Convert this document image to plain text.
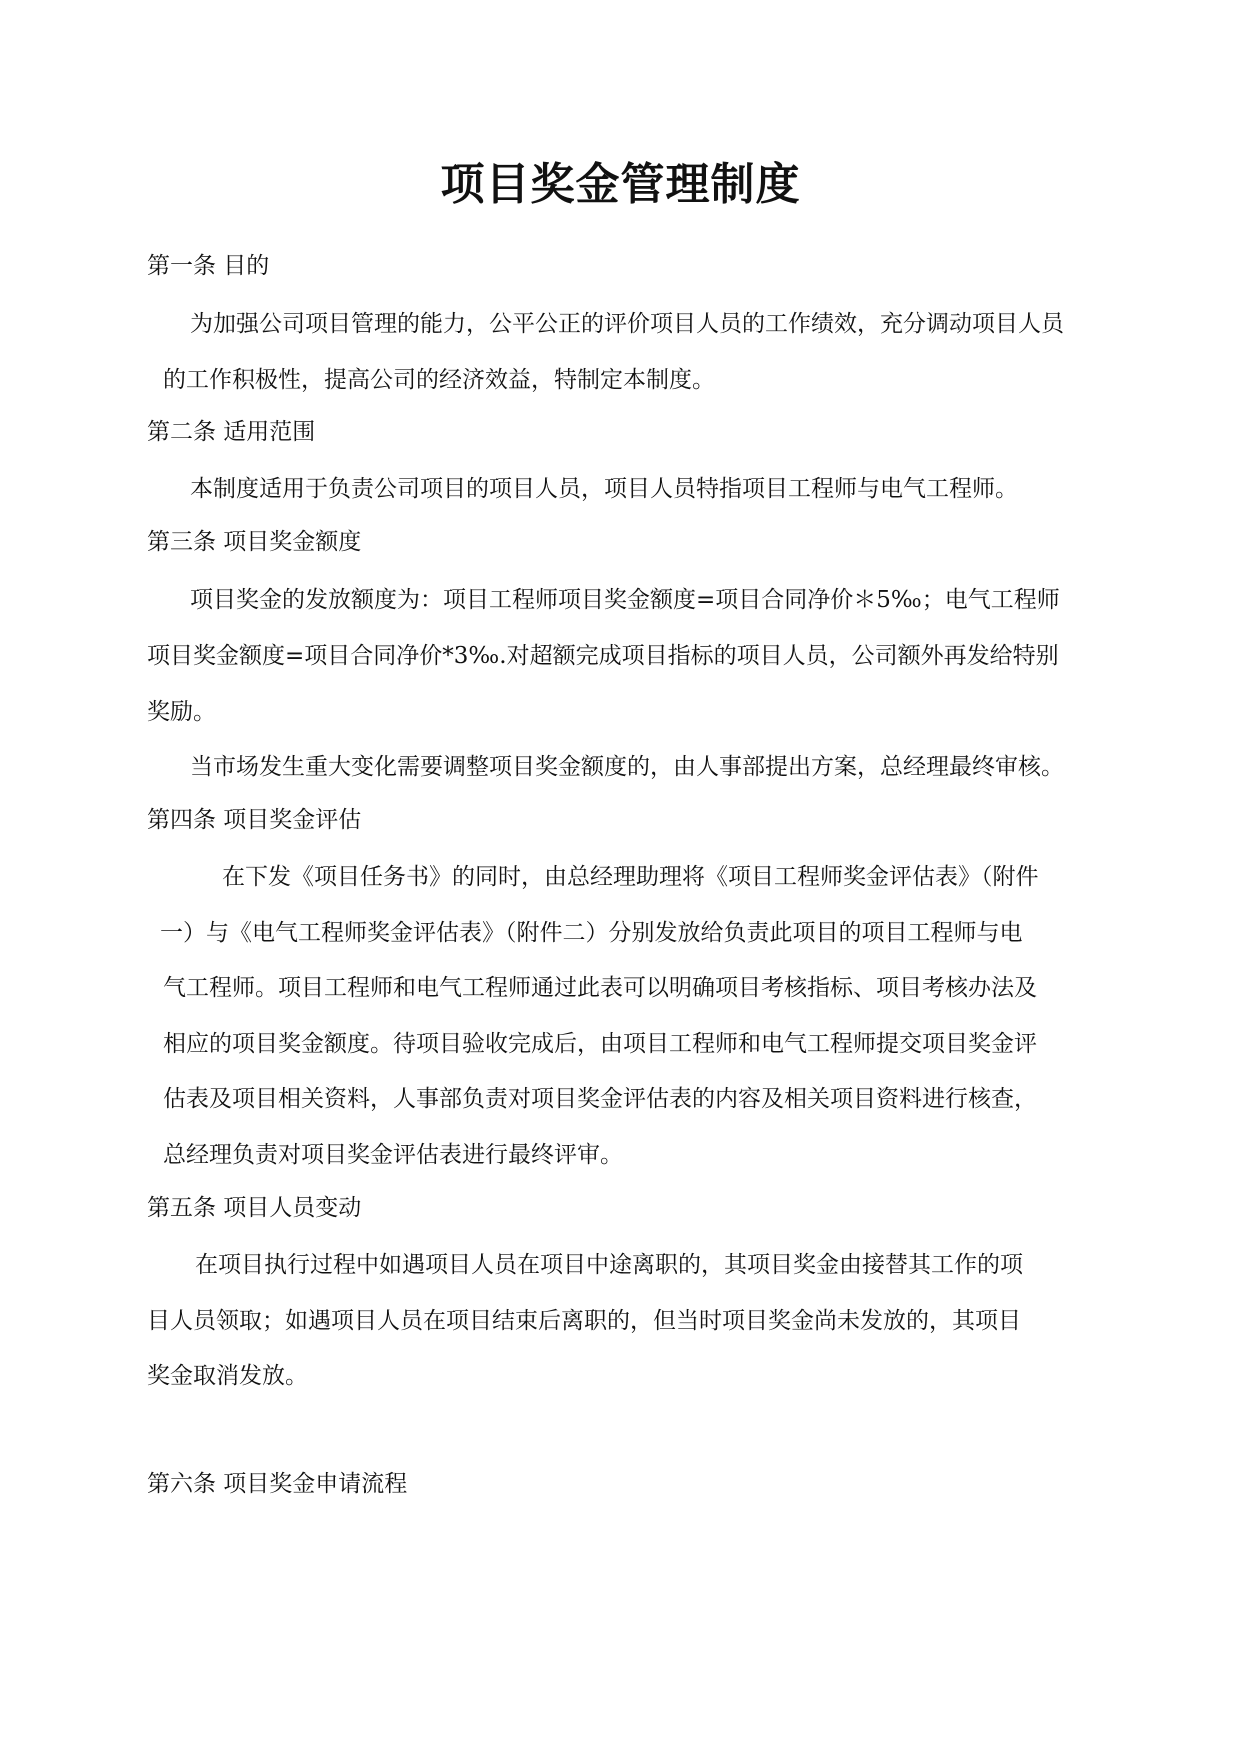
项目奖金管理制度
第一条 目的
为加强公司项目管理的能力，公平公正的评价项目人员的工作绩效，充分调动项目人员
的工作积极性，提高公司的经济效益，特制定本制度。
第二条 适用范围
本制度适用于负责公司项目的项目人员，项目人员特指项目工程师与电气工程师。
第三条 项目奖金额度
项目奖金的发放额度为：项目工程师项目奖金额度=项目合同净价＊5‰；电气工程师
项目奖金额度=项目合同净价*3‰.对超额完成项目指标的项目人员，公司额外再发给特别
奖励。
当市场发生重大变化需要调整项目奖金额度的，由人事部提出方案，总经理最终审核。
第四条 项目奖金评估
在下发《项目任务书》的同时，由总经理助理将《项目工程师奖金评估表》（附件
一）与《电气工程师奖金评估表》（附件二）分别发放给负责此项目的项目工程师与电
气工程师。项目工程师和电气工程师通过此表可以明确项目考核指标、项目考核办法及
相应的项目奖金额度。待项目验收完成后，由项目工程师和电气工程师提交项目奖金评
估表及项目相关资料，人事部负责对项目奖金评估表的内容及相关项目资料进行核查，
总经理负责对项目奖金评估表进行最终评审。
第五条 项目人员变动
在项目执行过程中如遇项目人员在项目中途离职的，其项目奖金由接替其工作的项
目人员领取；如遇项目人员在项目结束后离职的，但当时项目奖金尚未发放的，其项目
奖金取消发放。
第六条 项目奖金申请流程
